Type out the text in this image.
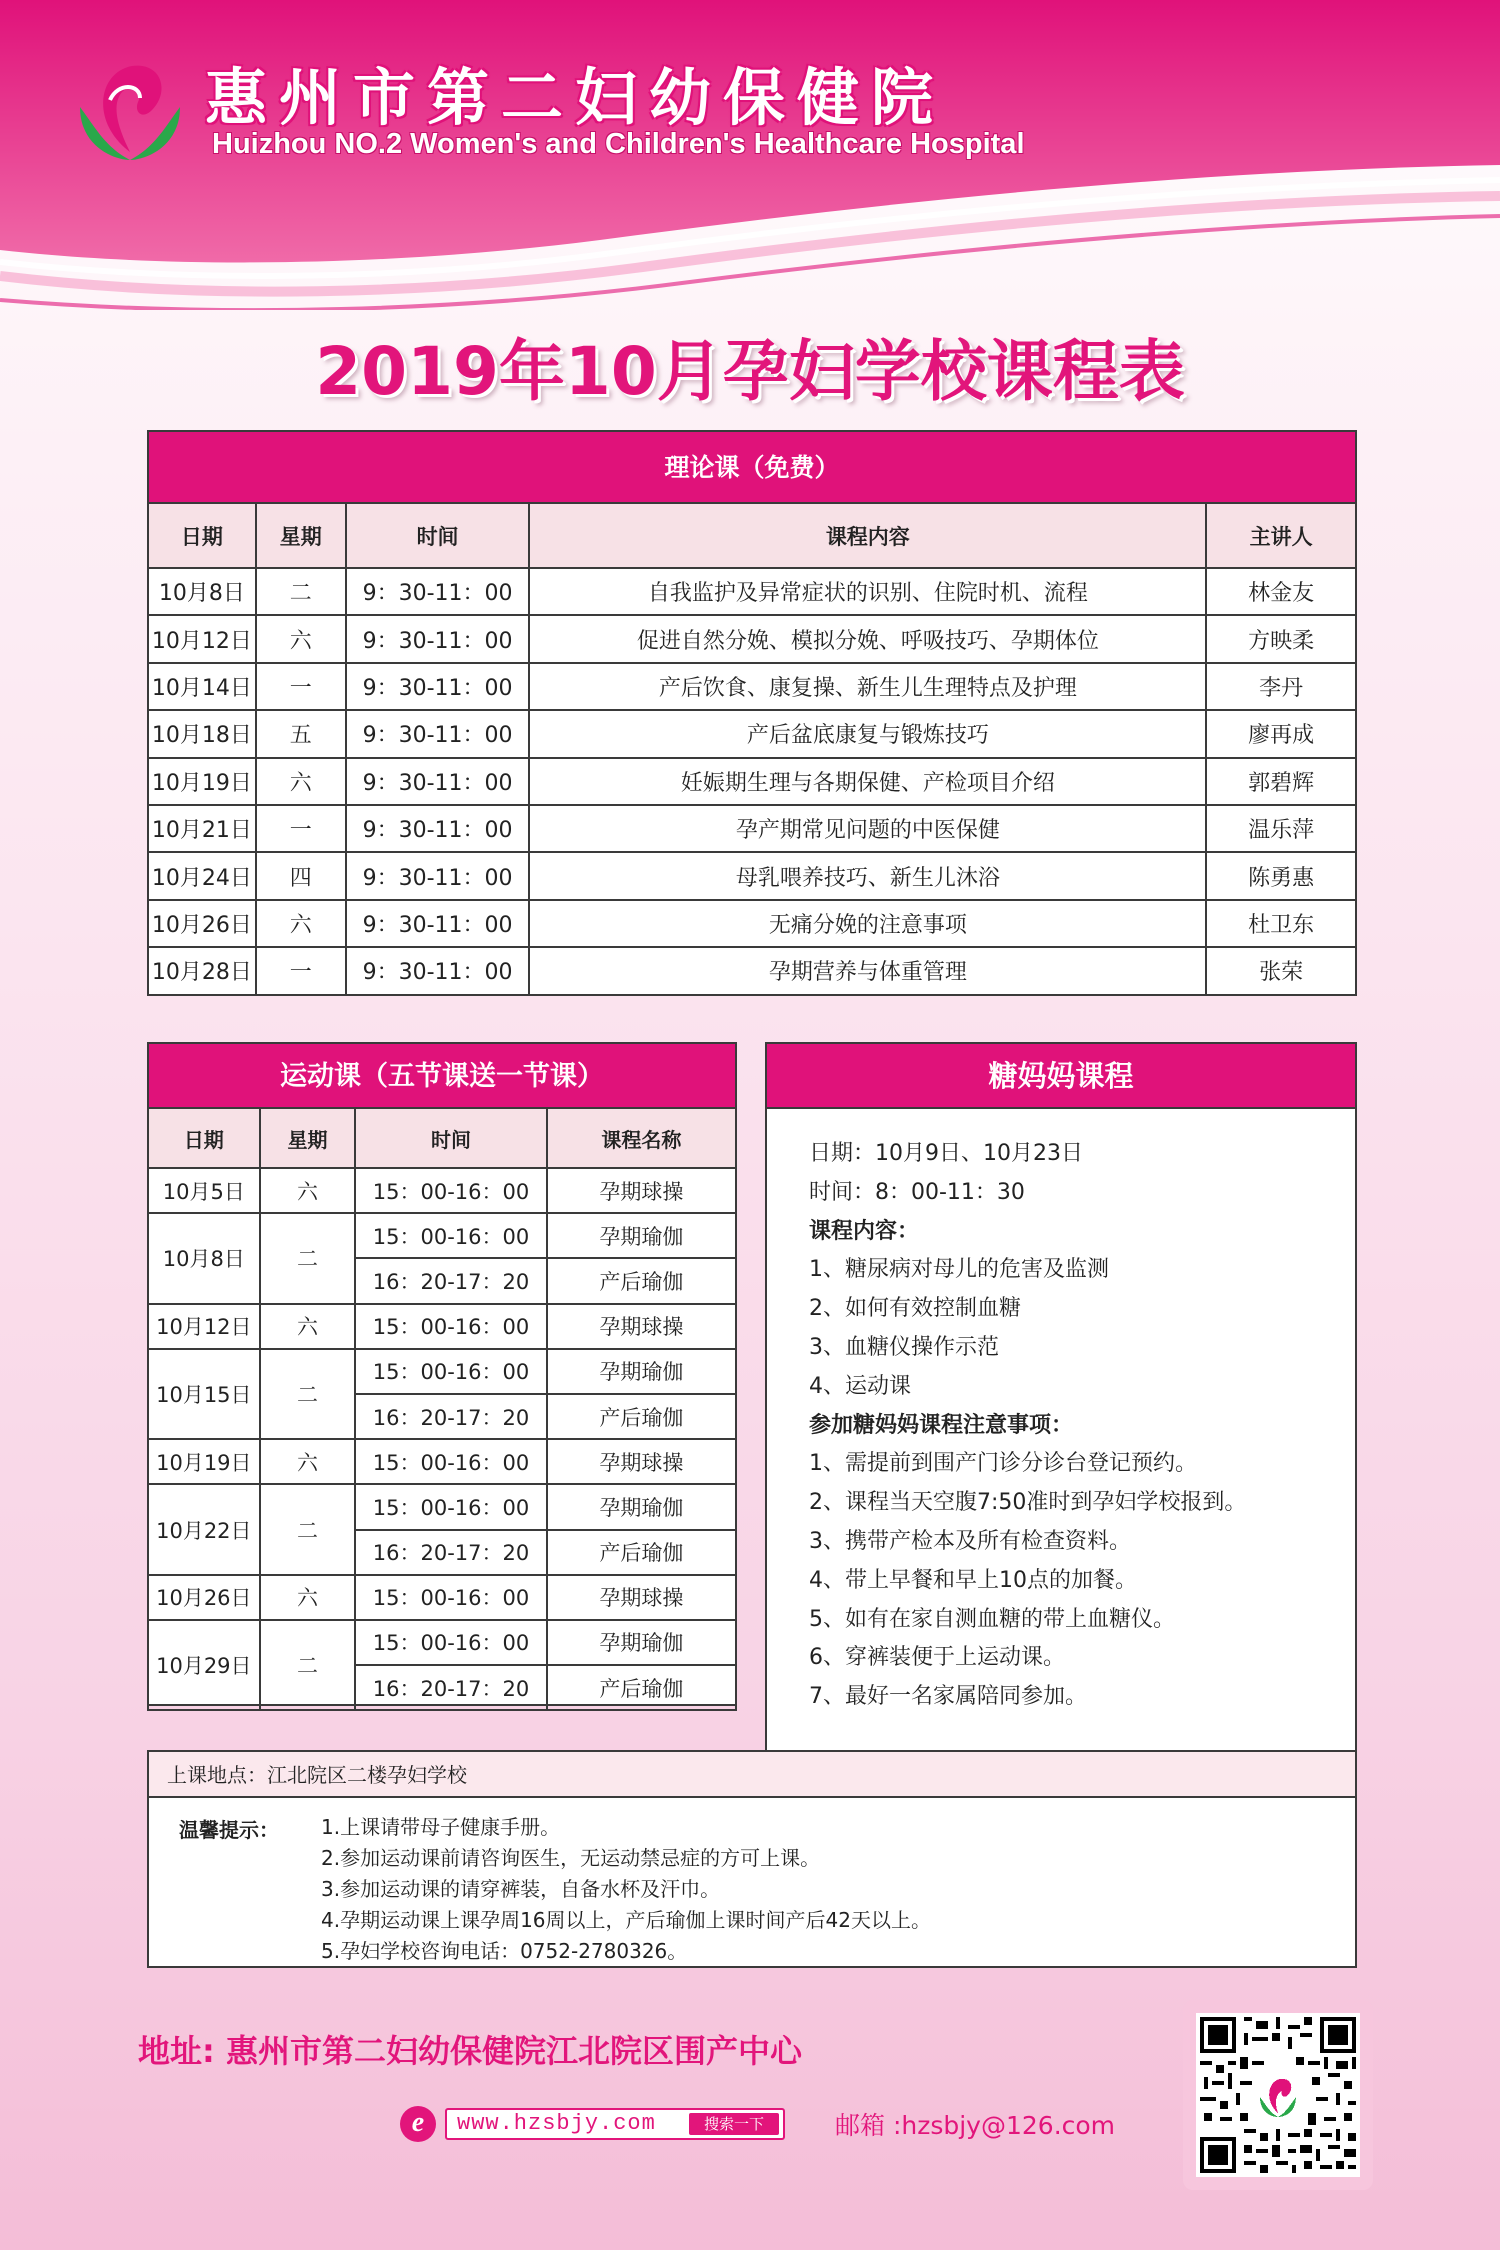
惠州市第二妇幼保健院
Huizhou NO.2 Women's and Children's Healthcare Hospital
2019年10月孕妇学校课程表
理论课（免费）
日期	星期	时间	课程内容	主讲人
10月8日	二	9：30-11：00	自我监护及异常症状的识别、住院时机、流程	林金友
10月12日	六	9：30-11：00	促进自然分娩、模拟分娩、呼吸技巧、孕期体位	方映柔
10月14日	一	9：30-11：00	产后饮食、康复操、新生儿生理特点及护理	李丹
10月18日	五	9：30-11：00	产后盆底康复与锻炼技巧	廖再成
10月19日	六	9：30-11：00	妊娠期生理与各期保健、产检项目介绍	郭碧辉
10月21日	一	9：30-11：00	孕产期常见问题的中医保健	温乐萍
10月24日	四	9：30-11：00	母乳喂养技巧、新生儿沐浴	陈勇惠
10月26日	六	9：30-11：00	无痛分娩的注意事项	杜卫东
10月28日	一	9：30-11：00	孕期营养与体重管理	张荣
运动课（五节课送一节课）
日期	星期	时间	课程名称
10月5日	六	15：00-16：00	孕期球操
10月8日	二	15：00-16：00	孕期瑜伽
		16：20-17：20	产后瑜伽
10月12日	六	15：00-16：00	孕期球操
10月15日	二	15：00-16：00	孕期瑜伽
		16：20-17：20	产后瑜伽
10月19日	六	15：00-16：00	孕期球操
10月22日	二	15：00-16：00	孕期瑜伽
		16：20-17：20	产后瑜伽
10月26日	六	15：00-16：00	孕期球操
10月29日	二	15：00-16：00	孕期瑜伽
		16：20-17：20	产后瑜伽
糖妈妈课程
日期：10月9日、10月23日
时间：8：00-11：30
课程内容：
1、糖尿病对母儿的危害及监测
2、如何有效控制血糖
3、血糖仪操作示范
4、运动课
参加糖妈妈课程注意事项：
1、需提前到围产门诊分诊台登记预约。
2、课程当天空腹7:50准时到孕妇学校报到。
3、携带产检本及所有检查资料。
4、带上早餐和早上10点的加餐。
5、如有在家自测血糖的带上血糖仪。
6、穿裤装便于上运动课。
7、最好一名家属陪同参加。
上课地点：江北院区二楼孕妇学校
温馨提示： 1.上课请带母子健康手册。
2.参加运动课前请咨询医生，无运动禁忌症的方可上课。
3.参加运动课的请穿裤装，自备水杯及汗巾。
4.孕期运动课上课孕周16周以上，产后瑜伽上课时间产后42天以上。
5.孕妇学校咨询电话：0752-2780326。
地址: 惠州市第二妇幼保健院江北院区围产中心
e	www.hzsbjy.com	搜索一下	邮箱 :hzsbjy@126.com
